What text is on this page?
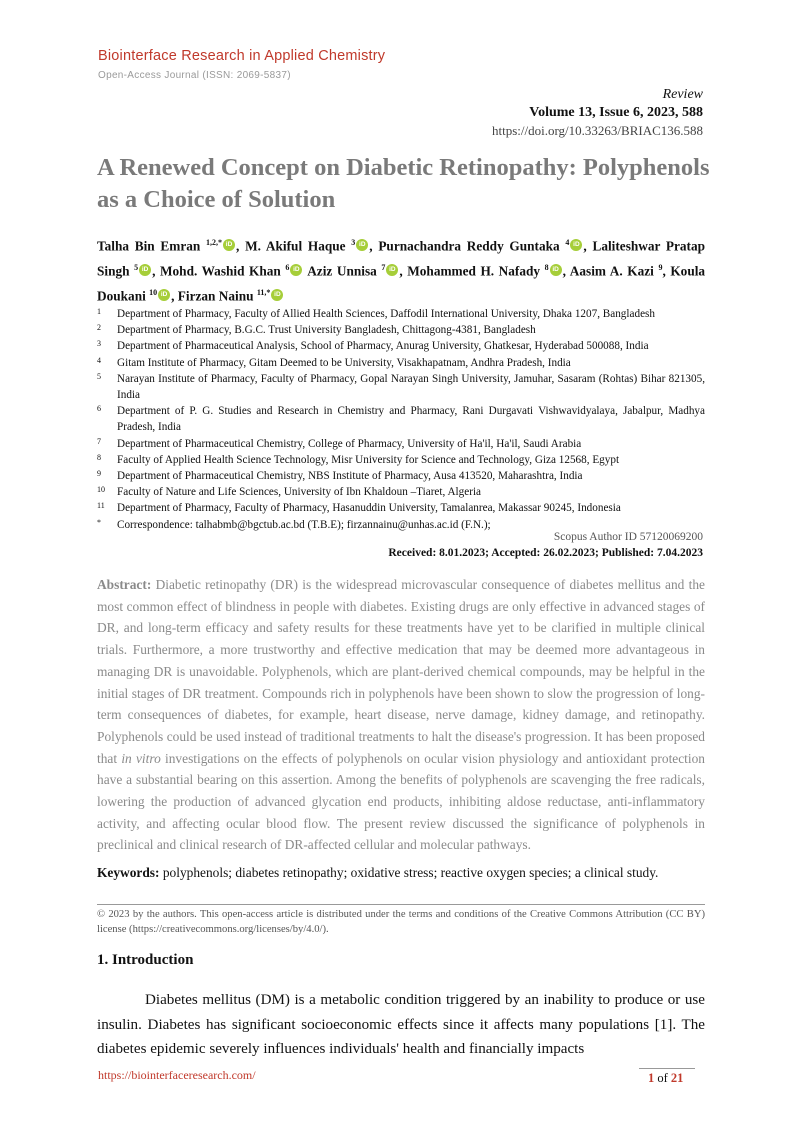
Biointerface Research in Applied Chemistry
Open-Access Journal (ISSN: 2069-5837)
Review
Volume 13, Issue 6, 2023, 588
https://doi.org/10.33263/BRIAC136.588
A Renewed Concept on Diabetic Retinopathy: Polyphenols
as a Choice of Solution
Talha Bin Emran $^{1,2,*}$ iD , M. Akiful Haque $^3$ iD , Purnachandra Reddy Guntaka $^4$ iD , Laliteshwar Pratap Singh $^5$ iD , Mohd. Washid Khan $^6$ iD Aziz Unnisa $^7$ iD , Mohammed H. Nafady $^8$ iD , Aasim A. Kazi $^9$, Koula Doukani $^{10}$ iD , Firzan Nainu $^{11,*}$ iD
1	Department of Pharmacy, Faculty of Allied Health Sciences, Daffodil International University, Dhaka 1207, Bangladesh
2	Department of Pharmacy, B.G.C. Trust University Bangladesh, Chittagong-4381, Bangladesh
3	Department of Pharmaceutical Analysis, School of Pharmacy, Anurag University, Ghatkesar, Hyderabad 500088, India
4	Gitam Institute of Pharmacy, Gitam Deemed to be University, Visakhapatnam, Andhra Pradesh, India
5	Narayan Institute of Pharmacy, Faculty of Pharmacy, Gopal Narayan Singh University, Jamuhar, Sasaram (Rohtas) Bihar 821305, India
6	Department of P. G. Studies and Research in Chemistry and Pharmacy, Rani Durgavati Vishwavidyalaya, Jabalpur, Madhya Pradesh, India
7	Department of Pharmaceutical Chemistry, College of Pharmacy, University of Ha'il, Ha'il, Saudi Arabia
8	Faculty of Applied Health Science Technology, Misr University for Science and Technology, Giza 12568, Egypt
9	Department of Pharmaceutical Chemistry, NBS Institute of Pharmacy, Ausa 413520, Maharashtra, India
10	Faculty of Nature and Life Sciences, University of Ibn Khaldoun –Tiaret, Algeria
11	Department of Pharmacy, Faculty of Pharmacy, Hasanuddin University, Tamalanrea, Makassar 90245, Indonesia
*	Correspondence: talhabmb@bgctub.ac.bd (T.B.E); firzannainu@unhas.ac.id (F.N.);
Scopus Author ID 57120069200
Received: 8.01.2023; Accepted: 26.02.2023; Published: 7.04.2023
Abstract: Diabetic retinopathy (DR) is the widespread microvascular consequence of diabetes mellitus and the most common effect of blindness in people with diabetes. Existing drugs are only effective in advanced stages of DR, and long-term efficacy and safety results for these treatments have yet to be clarified in multiple clinical trials. Furthermore, a more trustworthy and effective medication that may be deemed more advantageous in managing DR is unavoidable. Polyphenols, which are plant-derived chemical compounds, may be helpful in the initial stages of DR treatment. Compounds rich in polyphenols have been shown to slow the progression of long-term consequences of diabetes, for example, heart disease, nerve damage, kidney damage, and retinopathy. Polyphenols could be used instead of traditional treatments to halt the disease's progression. It has been proposed that in vitro investigations on the effects of polyphenols on ocular vision physiology and antioxidant protection have a substantial bearing on this assertion. Among the benefits of polyphenols are scavenging the free radicals, lowering the production of advanced glycation end products, inhibiting aldose reductase, anti-inflammatory activity, and affecting ocular blood flow. The present review discussed the significance of polyphenols in preclinical and clinical research of DR-affected cellular and molecular pathways.
Keywords: polyphenols; diabetes retinopathy; oxidative stress; reactive oxygen species; a clinical study.
© 2023 by the authors. This open-access article is distributed under the terms and conditions of the Creative Commons Attribution (CC BY) license (https://creativecommons.org/licenses/by/4.0/).
1. Introduction
Diabetes mellitus (DM) is a metabolic condition triggered by an inability to produce or use insulin. Diabetes has significant socioeconomic effects since it affects many populations [1]. The diabetes epidemic severely influences individuals' health and financially impacts
https://biointerfaceresearch.com/	1 of 21
